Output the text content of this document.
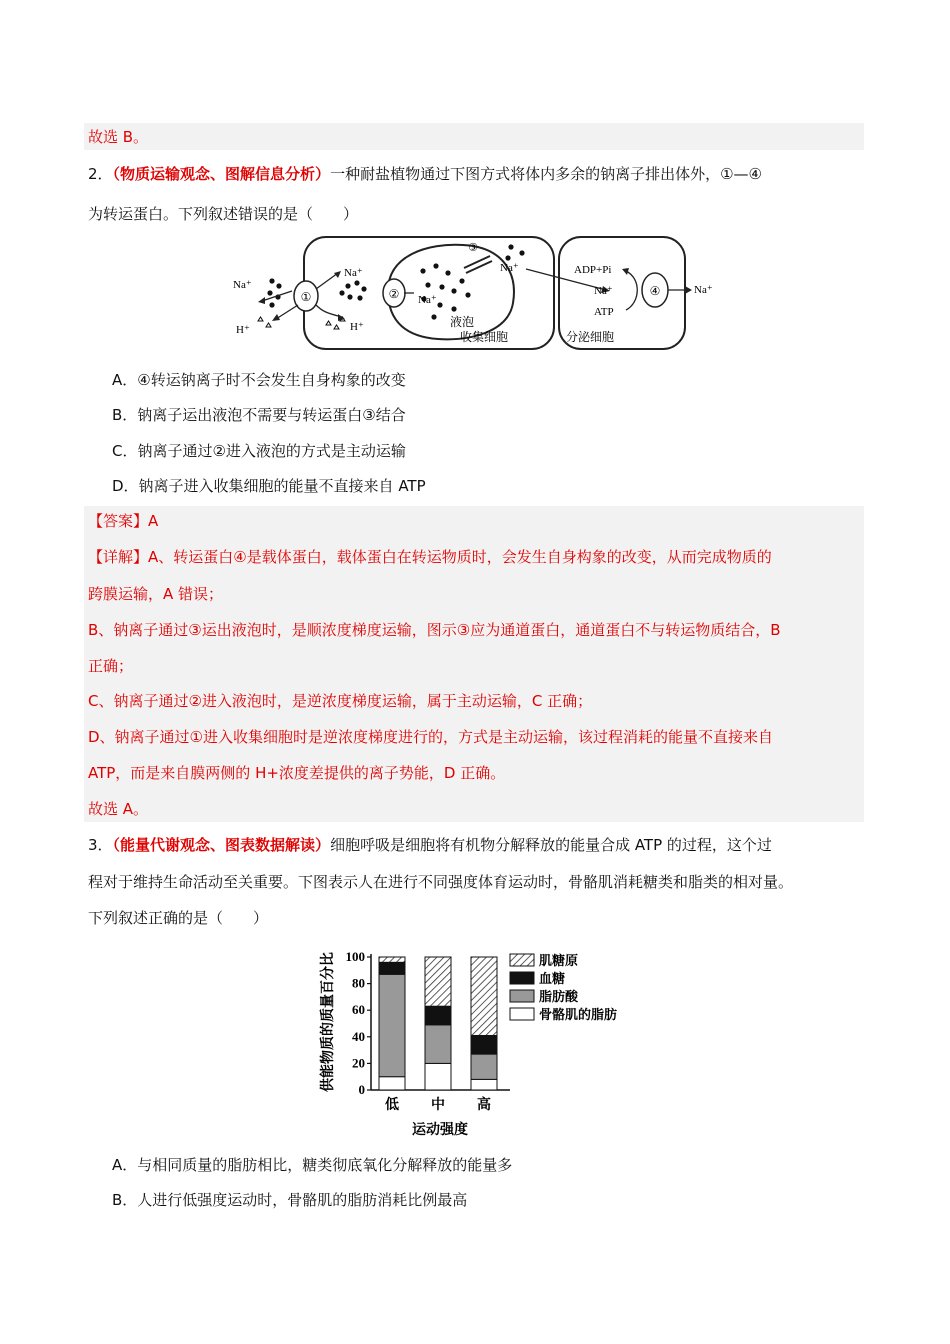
故选 B。
2．（物质运输观念、图解信息分析）一种耐盐植物通过下图方式将体内多余的钠离子排出体外，①—④
为转运蛋白。下列叙述错误的是（　　）
①	②	④
③
Na⁺
H⁺
Na⁺
H⁺
Na⁺
液泡
Na⁺
收集细胞
ADP+Pi
Na⁺
ATP
Na⁺
分泌细胞
A．④转运钠离子时不会发生自身构象的改变
B．钠离子运出液泡不需要与转运蛋白③结合
C．钠离子通过②进入液泡的方式是主动运输
D．钠离子进入收集细胞的能量不直接来自 ATP
【答案】A
【详解】A、转运蛋白④是载体蛋白，载体蛋白在转运物质时，会发生自身构象的改变，从而完成物质的
跨膜运输，A 错误；
B、钠离子通过③运出液泡时，是顺浓度梯度运输，图示③应为通道蛋白，通道蛋白不与转运物质结合，B
正确；
C、钠离子通过②进入液泡时，是逆浓度梯度运输，属于主动运输，C 正确；
D、钠离子通过①进入收集细胞时是逆浓度梯度进行的，方式是主动运输，该过程消耗的能量不直接来自
ATP，而是来自膜两侧的 H+浓度差提供的离子势能，D 正确。
故选 A。
3．（能量代谢观念、图表数据解读）细胞呼吸是细胞将有机物分解释放的能量合成 ATP 的过程，这个过
程对于维持生命活动至关重要。下图表示人在进行不同强度体育运动时，骨骼肌消耗糖类和脂类的相对量。
下列叙述正确的是（　　）
供能物质的质量百分比 0
20
40
60
80
100
低 中 高
运动强度
肌糖原
血糖
脂肪酸
骨骼肌的脂肪
A．与相同质量的脂肪相比，糖类彻底氧化分解释放的能量多
B．人进行低强度运动时，骨骼肌的脂肪消耗比例最高
